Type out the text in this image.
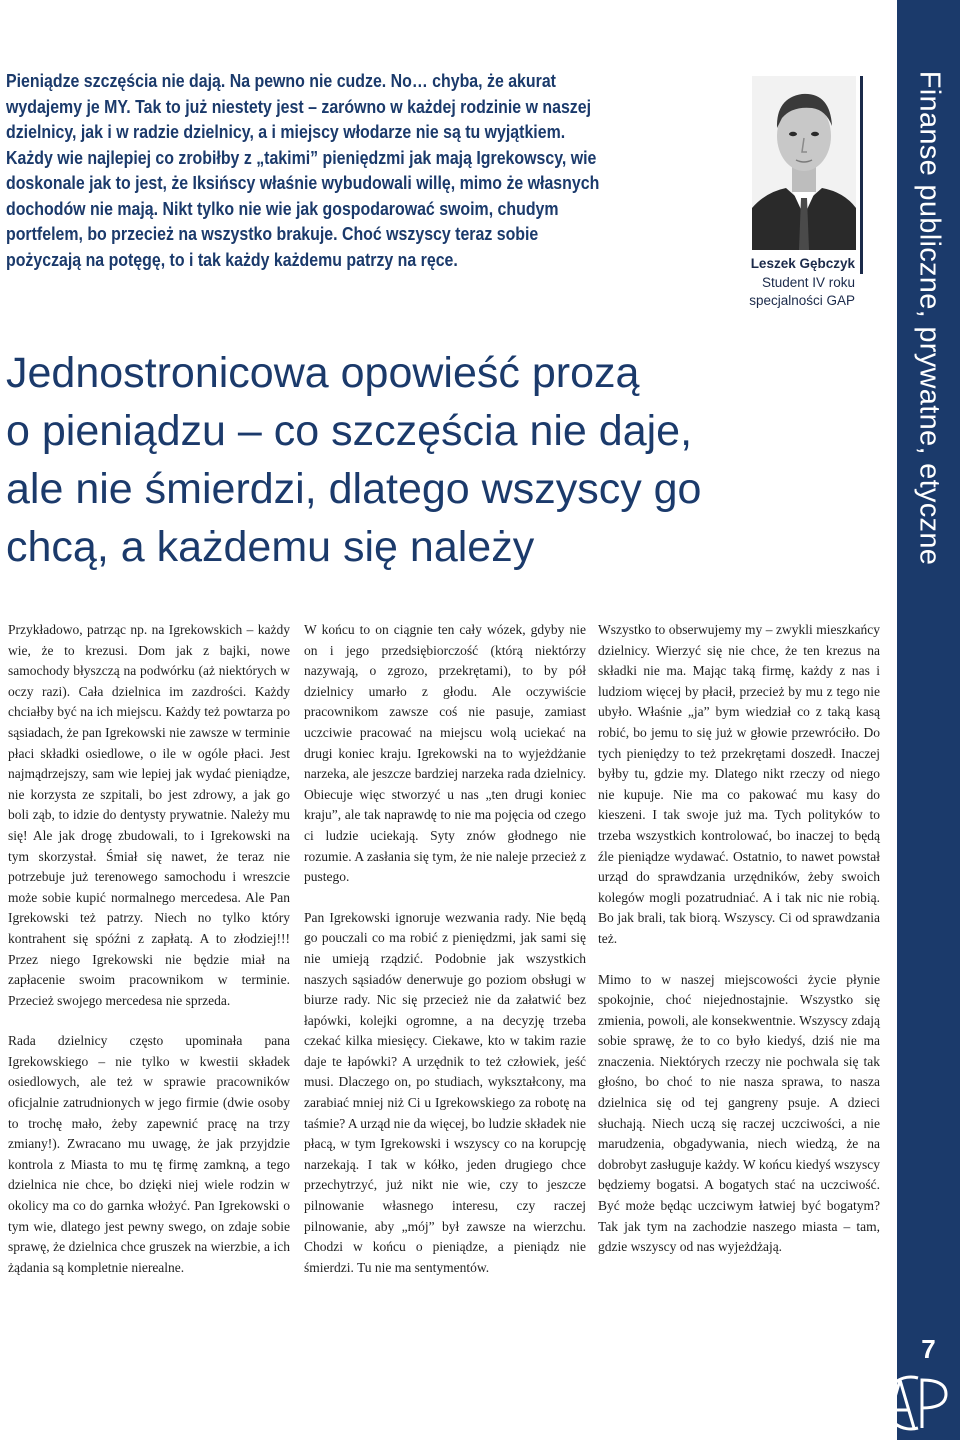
Pieniądze szczęścia nie dają. Na pewno nie cudze. No… chyba, że akurat wydajemy je MY. Tak to już niestety jest – zarówno w każdej rodzinie w naszej dzielnicy, jak i w radzie dzielnicy, a i miejscy włodarze nie są tu wyjątkiem. Każdy wie najlepiej co zrobiłby z „takimi” pieniędzmi jak mają Igrekowscy, wie doskonale jak to jest, że Iksińscy właśnie wybudowali willę, mimo że własnych dochodów nie mają. Nikt tylko nie wie jak gospodarować swoim, chudym portfelem, bo przecież na wszystko brakuje. Choć wszyscy teraz sobie pożyczają na potęgę, to i tak każdy każdemu patrzy na ręce.	Leszek Gębczyk
Student IV roku
specjalności GAP
Jednostronicowa opowieść prozą
o pieniądzu – co szczęścia nie daje,
ale nie śmierdzi, dlatego wszyscy go
chcą, a każdemu się należy

Przykładowo, patrząc np. na Igrekowskich – każdy wie, że to krezusi. Dom jak z bajki, nowe samochody błyszczą na podwórku (aż niektórych w oczy razi). Cała dzielnica im zazdrości. Każdy chciałby być na ich miejscu. Każdy też powtarza po sąsiadach, że pan Igrekowski nie zawsze w terminie płaci składki osiedlowe, o ile w ogóle płaci. Jest najmądrzejszy, sam wie lepiej jak wydać pieniądze, nie korzysta ze szpitali, bo jest zdrowy, a jak go boli ząb, to idzie do dentysty prywatnie. Należy mu się! Ale jak drogę zbudowali, to i Igrekowski na tym skorzystał. Śmiał się nawet, że teraz nie potrzebuje już terenowego samochodu i wreszcie może sobie kupić normalnego mercedesa. Ale Pan Igrekowski też patrzy. Niech no tylko który kontrahent się spóźni z zapłatą. A to złodziej!!! Przez niego Igrekowski nie będzie miał na zapłacenie swoim pracownikom w terminie. Przecież swojego mercedesa nie sprzeda.

Rada dzielnicy często upominała pana Igrekowskiego – nie tylko w kwestii składek osiedlowych, ale też w sprawie pracowników oficjalnie zatrudnionych w jego firmie (dwie osoby to trochę mało, żeby zapewnić pracę na trzy zmiany!). Zwracano mu uwagę, że jak przyjdzie kontrola z Miasta to mu tę firmę zamkną, a tego dzielnica nie chce, bo dzięki niej wiele rodzin w okolicy ma co do garnka włożyć. Pan Igrekowski o tym wie, dlatego jest pewny swego, on zdaje sobie sprawę, że dzielnica chce gruszek na wierzbie, a ich żądania są kompletnie nierealne.

W końcu to on ciągnie ten cały wózek, gdyby nie on i jego przedsiębiorczość (którą niektórzy nazywają, o zgrozo, przekrętami), to by pół dzielnicy umarło z głodu. Ale oczywiście pracownikom zawsze coś nie pasuje, zamiast uczciwie pracować na miejscu wolą uciekać na drugi koniec kraju. Igrekowski na to wyjeżdżanie narzeka, ale jeszcze bardziej narzeka rada dzielnicy. Obiecuje więc stworzyć u nas „ten drugi koniec kraju”, ale tak naprawdę to nie ma pojęcia od czego ci ludzie uciekają. Syty znów głodnego nie rozumie. A zasłania się tym, że nie naleje przecież z pustego.

Pan Igrekowski ignoruje wezwania rady. Nie będą go pouczali co ma robić z pieniędzmi, jak sami się nie umieją rządzić. Podobnie jak wszystkich naszych sąsiadów denerwuje go poziom obsługi w biurze rady. Nic się przecież nie da załatwić bez łapówki, kolejki ogromne, a na decyzję trzeba czekać kilka miesięcy. Ciekawe, kto w takim razie daje te łapówki? A urzędnik to też człowiek, jeść musi. Dlaczego on, po studiach, wykształcony, ma zarabiać mniej niż Ci u Igrekowskiego za robotę na taśmie? A urząd nie da więcej, bo ludzie składek nie płacą, w tym Igrekowski i wszyscy co na korupcję narzekają. I tak w kółko, jeden drugiego chce przechytrzyć, już nikt nie wie, czy to jeszcze pilnowanie własnego interesu, czy raczej pilnowanie, aby „mój” był zawsze na wierzchu. Chodzi w końcu o pieniądze, a pieniądz nie śmierdzi. Tu nie ma sentymentów.

Wszystko to obserwujemy my – zwykli mieszkańcy dzielnicy. Wierzyć się nie chce, że ten krezus na składki nie ma. Mając taką firmę, każdy z nas i ludziom więcej by płacił, przecież by mu z tego nie ubyło. Właśnie „ja” bym wiedział co z taką kasą robić, bo jemu to się już w głowie przewróciło. Do tych pieniędzy to też przekrętami doszedł. Inaczej byłby tu, gdzie my. Dlatego nikt rzeczy od niego nie kupuje. Nie ma co pakować mu kasy do kieszeni. I tak swoje już ma. Tych polityków to trzeba wszystkich kontrolować, bo inaczej to będą źle pieniądze wydawać. Ostatnio, to nawet powstał urząd do sprawdzania urzędników, żeby swoich kolegów mogli pozatrudniać. A i tak nic nie robią. Bo jak brali, tak biorą. Wszyscy. Ci od sprawdzania też.

Mimo to w naszej miejscowości życie płynie spokojnie, choć niejednostajnie. Wszystko się zmienia, powoli, ale konsekwentnie. Wszyscy zdają sobie sprawę, że to co było kiedyś, dziś nie ma znaczenia. Niektórych rzeczy nie pochwala się tak głośno, bo choć to nie nasza sprawa, to nasza dzielnica się od tej gangreny psuje. A dzieci słuchają. Niech uczą się raczej uczciwości, a nie marudzenia, obgadywania, niech wiedzą, że na dobrobyt zasługuje każdy. W końcu kiedyś wszyscy będziemy bogatsi. A bogatych stać na uczciwość. Być może będąc uczciwym łatwiej być bogatym? Tak jak tym na zachodzie naszego miasta – tam, gdzie wszyscy od nas wyjeżdżają.

Finanse publiczne, prywatne, etyczne
7
